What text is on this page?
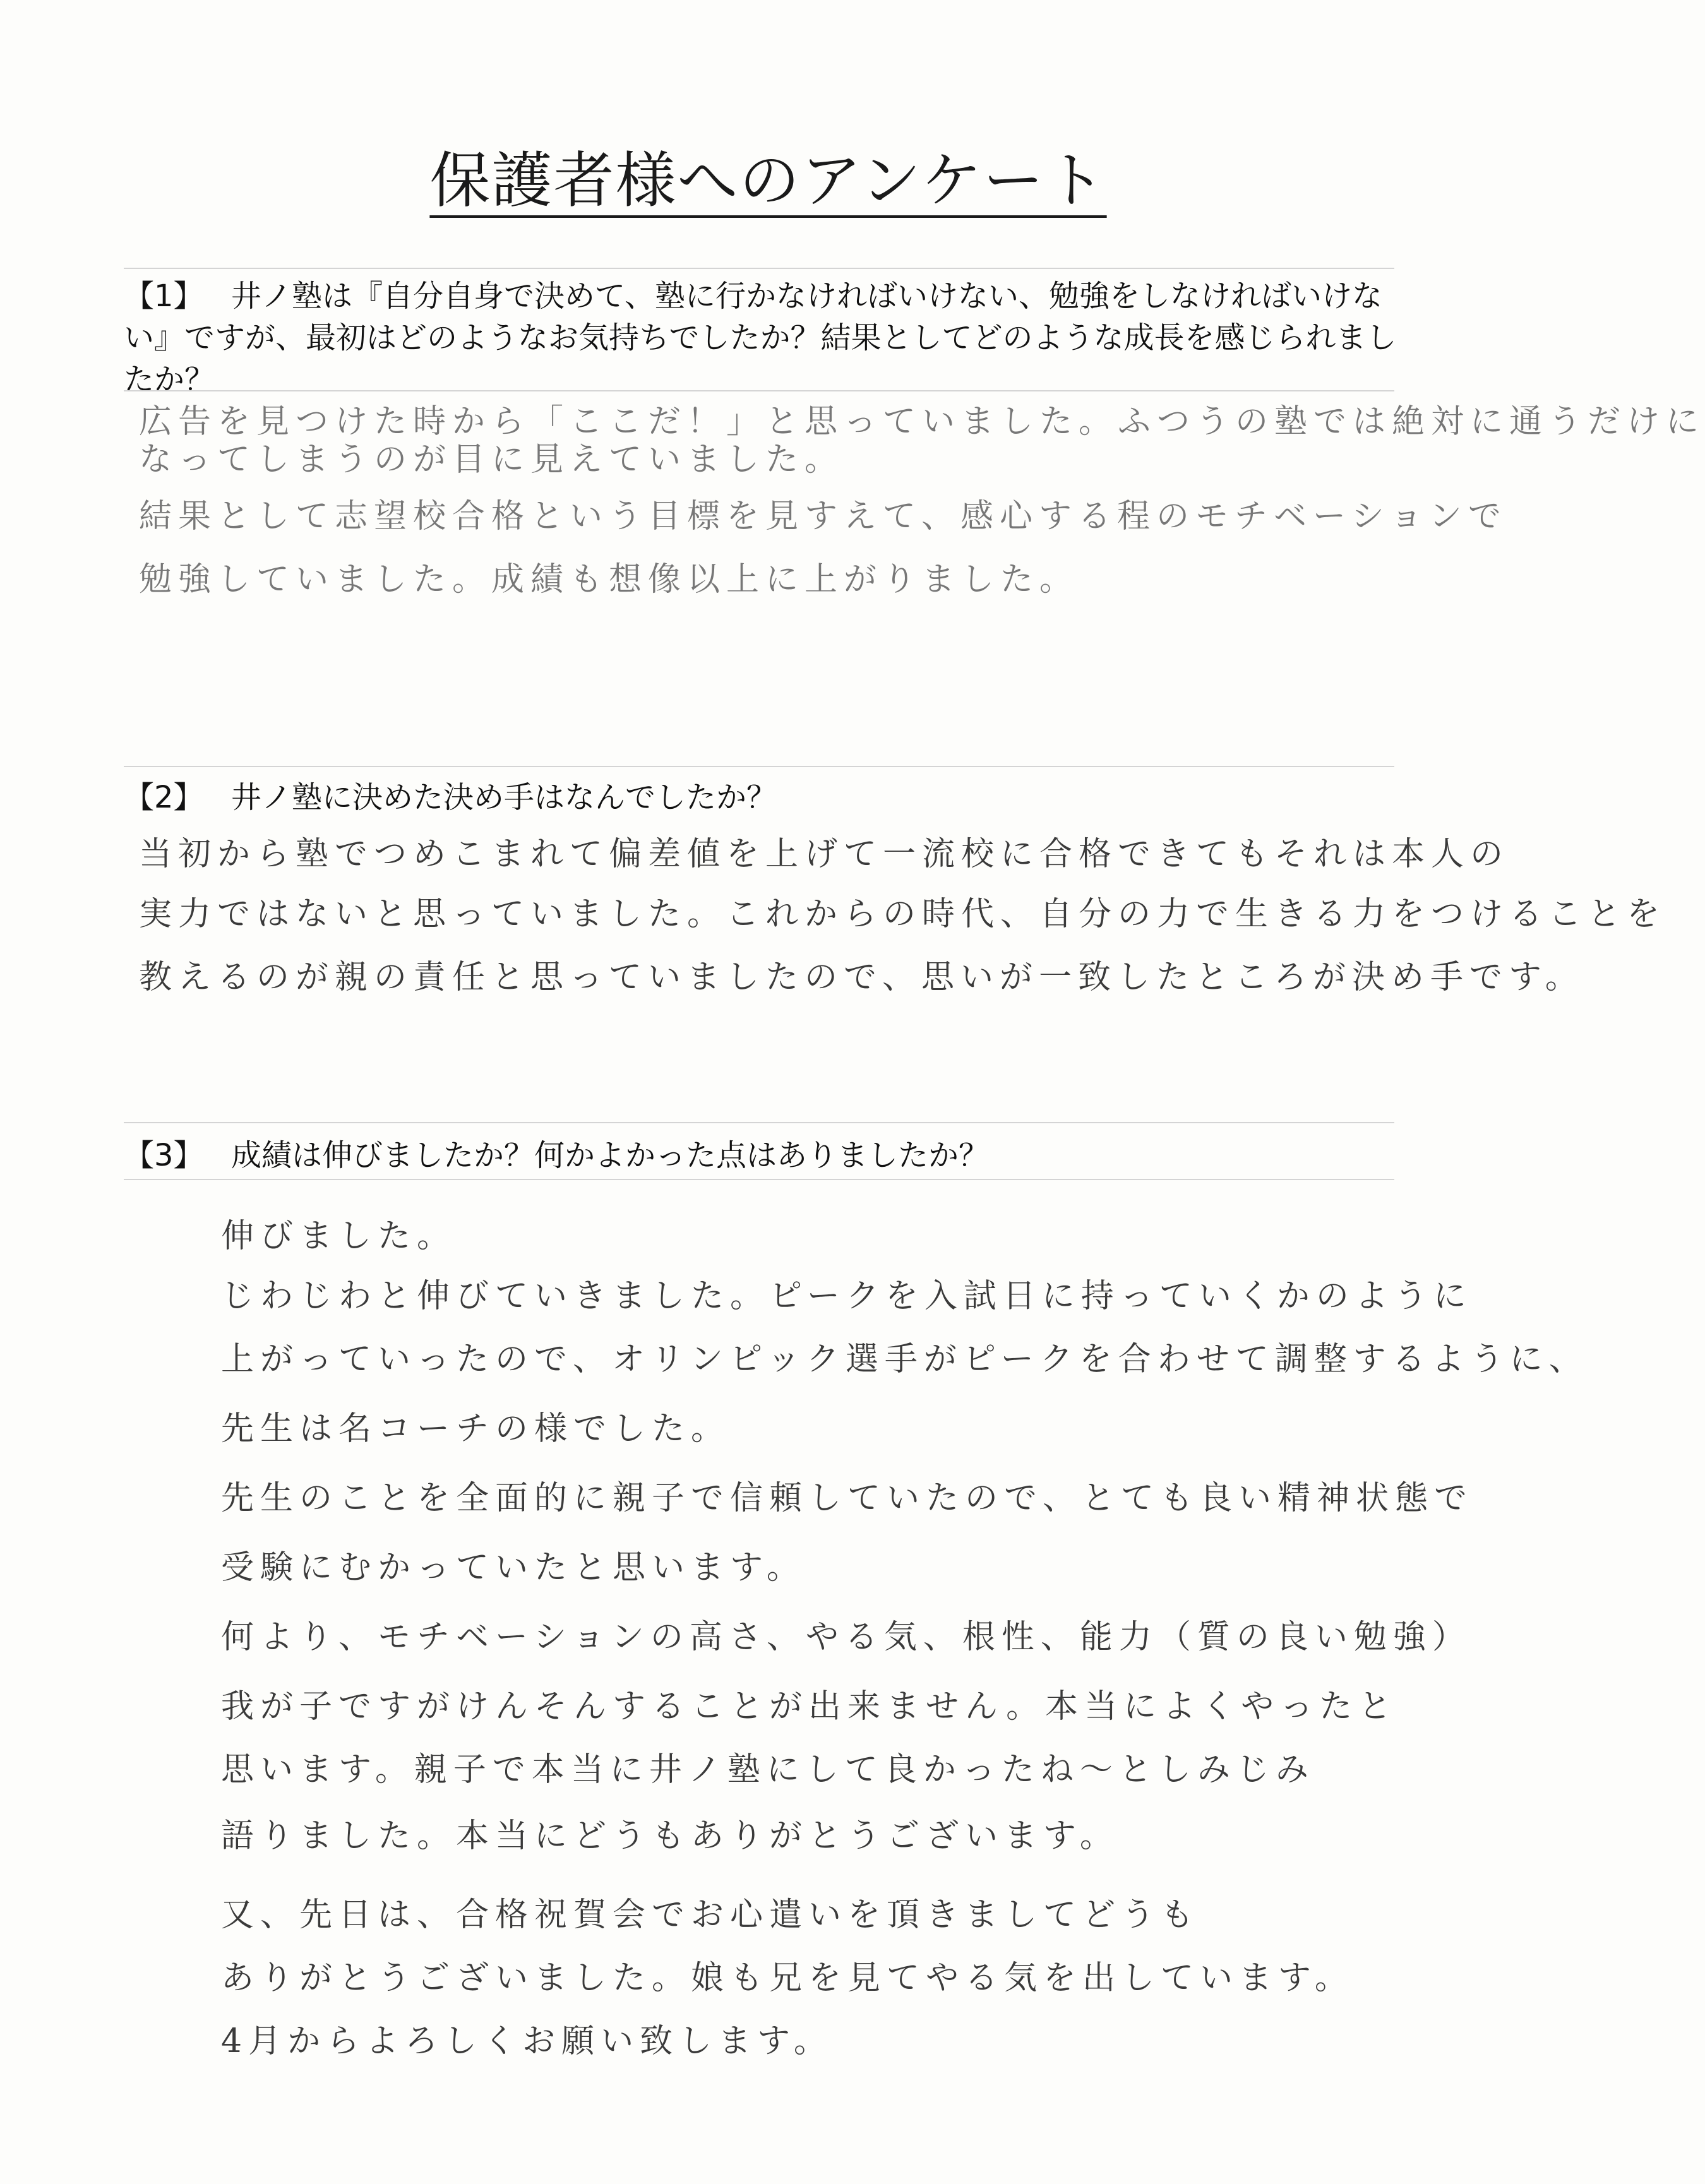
保護者様へのアンケート
【1】 井ノ塾は『自分自身で決めて、塾に行かなければいけない、勉強をしなければいけない』ですが、最初はどのようなお気持ちでしたか？結果としてどのような成長を感じられましたか？
広告を見つけた時から「ここだ！」と思っていました。ふつうの塾では絶対に通うだけに
なってしまうのが目に見えていました。
結果として志望校合格という目標を見すえて、感心する程のモチベーションで
勉強していました。成績も想像以上に上がりました。
【2】 井ノ塾に決めた決め手はなんでしたか？
当初から塾でつめこまれて偏差値を上げて一流校に合格できてもそれは本人の
実力ではないと思っていました。これからの時代、自分の力で生きる力をつけることを
教えるのが親の責任と思っていましたので、思いが一致したところが決め手です。
【3】 成績は伸びましたか？何かよかった点はありましたか？
伸びました。
じわじわと伸びていきました。ピークを入試日に持っていくかのように
上がっていったので、オリンピック選手がピークを合わせて調整するように、
先生は名コーチの様でした。
先生のことを全面的に親子で信頼していたので、とても良い精神状態で
受験にむかっていたと思います。
何より、モチベーションの高さ、やる気、根性、能力（質の良い勉強）
我が子ですがけんそんすることが出来ません。本当によくやったと
思います。親子で本当に井ノ塾にして良かったね～としみじみ
語りました。本当にどうもありがとうございます。
又、先日は、合格祝賀会でお心遣いを頂きましてどうも
ありがとうございました。娘も兄を見てやる気を出しています。
4月からよろしくお願い致します。
